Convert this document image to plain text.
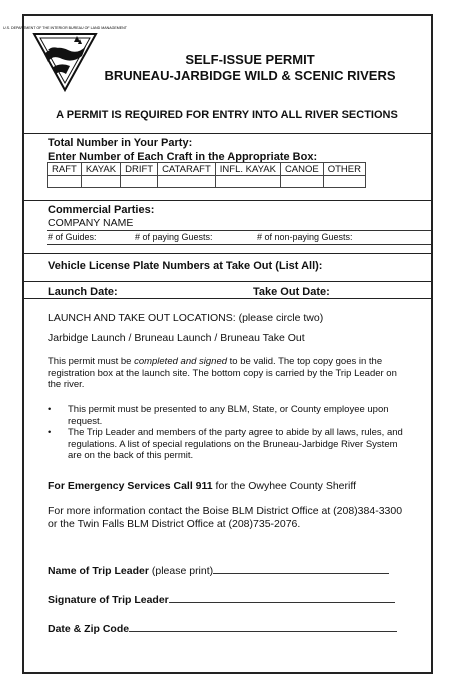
U.S. DEPARTMENT OF THE INTERIOR BUREAU OF LAND MANAGEMENT
SELF-ISSUE PERMIT
BRUNEAU-JARBIDGE WILD & SCENIC RIVERS
A PERMIT IS REQUIRED FOR ENTRY INTO ALL RIVER SECTIONS
Total Number in Your Party:
Enter Number of Each Craft in the Appropriate Box:
RAFT	KAYAK	DRIFT	CATARAFT	INFL. KAYAK	CANOE	OTHER

Commercial Parties:
COMPANY NAME
# of Guides:	# of paying Guests:	# of non-paying Guests:
Vehicle License Plate Numbers at Take Out (List All):
Launch Date:	Take Out Date:
LAUNCH AND TAKE OUT LOCATIONS: (please circle two)
Jarbidge Launch / Bruneau Launch / Bruneau Take Out
This permit must be completed and signed to be valid. The top copy goes in the registration box at the launch site. The bottom copy is carried by the Trip Leader on the river.
• This permit must be presented to any BLM, State, or County employee upon request.
• The Trip Leader and members of the party agree to abide by all laws, rules, and regulations. A list of special regulations on the Bruneau-Jarbidge River System are on the back of this permit.
For Emergency Services Call 911 for the Owyhee County Sheriff
For more information contact the Boise BLM District Office at (208)384-3300 or the Twin Falls BLM District Office at (208)735-2076.
Name of Trip Leader (please print)
Signature of Trip Leader
Date & Zip Code
